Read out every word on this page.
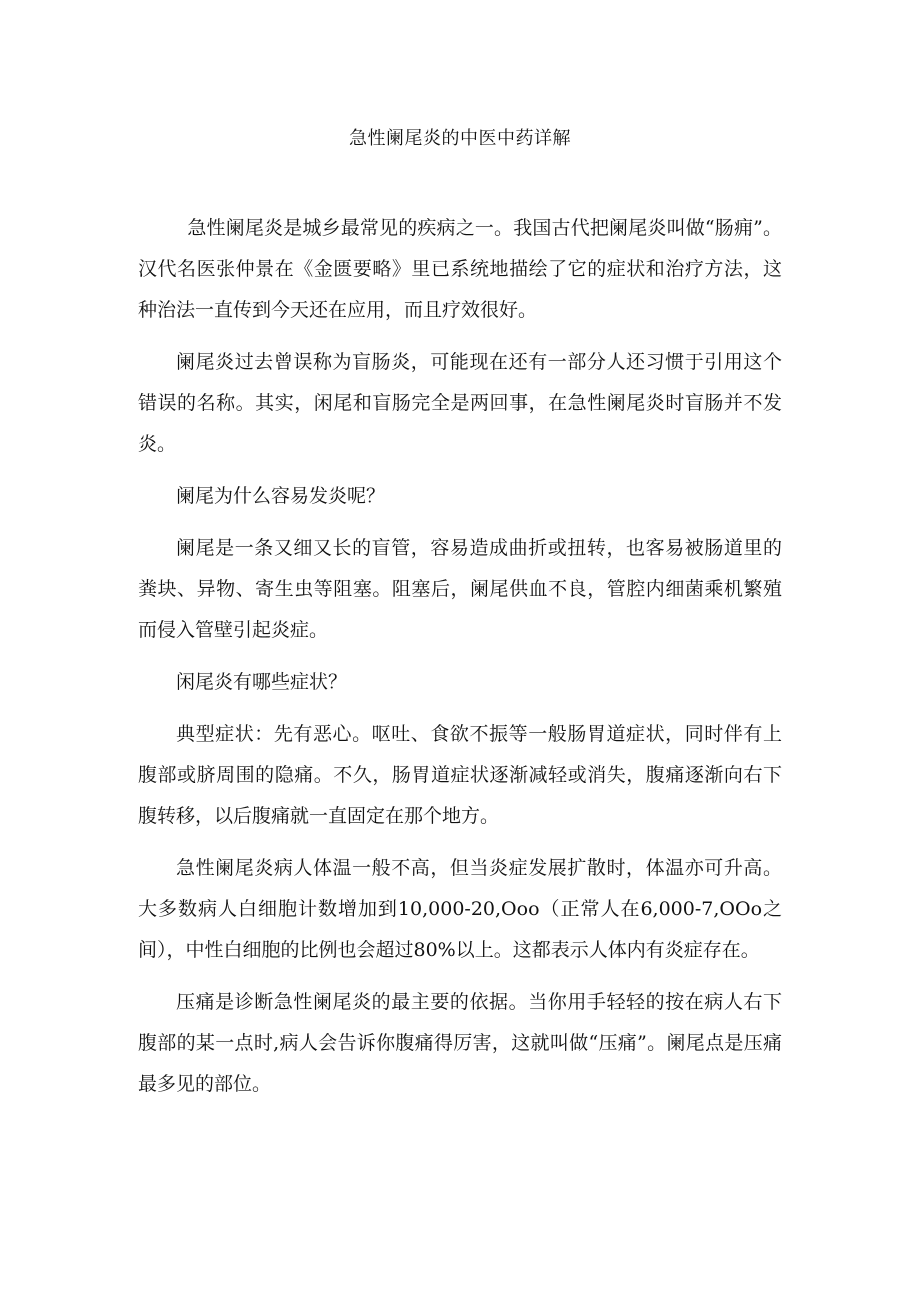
急性阑尾炎的中医中药详解

急性阑尾炎是城乡最常见的疾病之一。我国古代把阑尾炎叫做“肠痈”。汉代名医张仲景在《金匮要略》里已系统地描绘了它的症状和治疗方法，这种治法一直传到今天还在应用，而且疗效很好。

阑尾炎过去曾误称为盲肠炎，可能现在还有一部分人还习惯于引用这个错误的名称。其实，闲尾和盲肠完全是两回事，在急性阑尾炎时盲肠并不发炎。

阑尾为什么容易发炎呢？

阑尾是一条又细又长的盲管，容易造成曲折或扭转，也客易被肠道里的粪块、异物、寄生虫等阻塞。阻塞后，阑尾供血不良，管腔内细菌乘机繁殖而侵入管壁引起炎症。

闲尾炎有哪些症状？

典型症状：先有恶心。呕吐、食欲不振等一般肠胃道症状，同时伴有上腹部或脐周围的隐痛。不久，肠胃道症状逐渐减轻或消失，腹痛逐渐向右下腹转移，以后腹痛就一直固定在那个地方。

急性阑尾炎病人体温一般不高，但当炎症发展扩散时，体温亦可升高。大多数病人白细胞计数增加到10,000-20,Ooo（正常人在6,000-7,OOo之间），中性白细胞的比例也会超过80%以上。这都表示人体内有炎症存在。

压痛是诊断急性阑尾炎的最主要的依据。当你用手轻轻的按在病人右下腹部的某一点时,病人会告诉你腹痛得厉害，这就叫做“压痛”。阑尾点是压痛最多见的部位。
